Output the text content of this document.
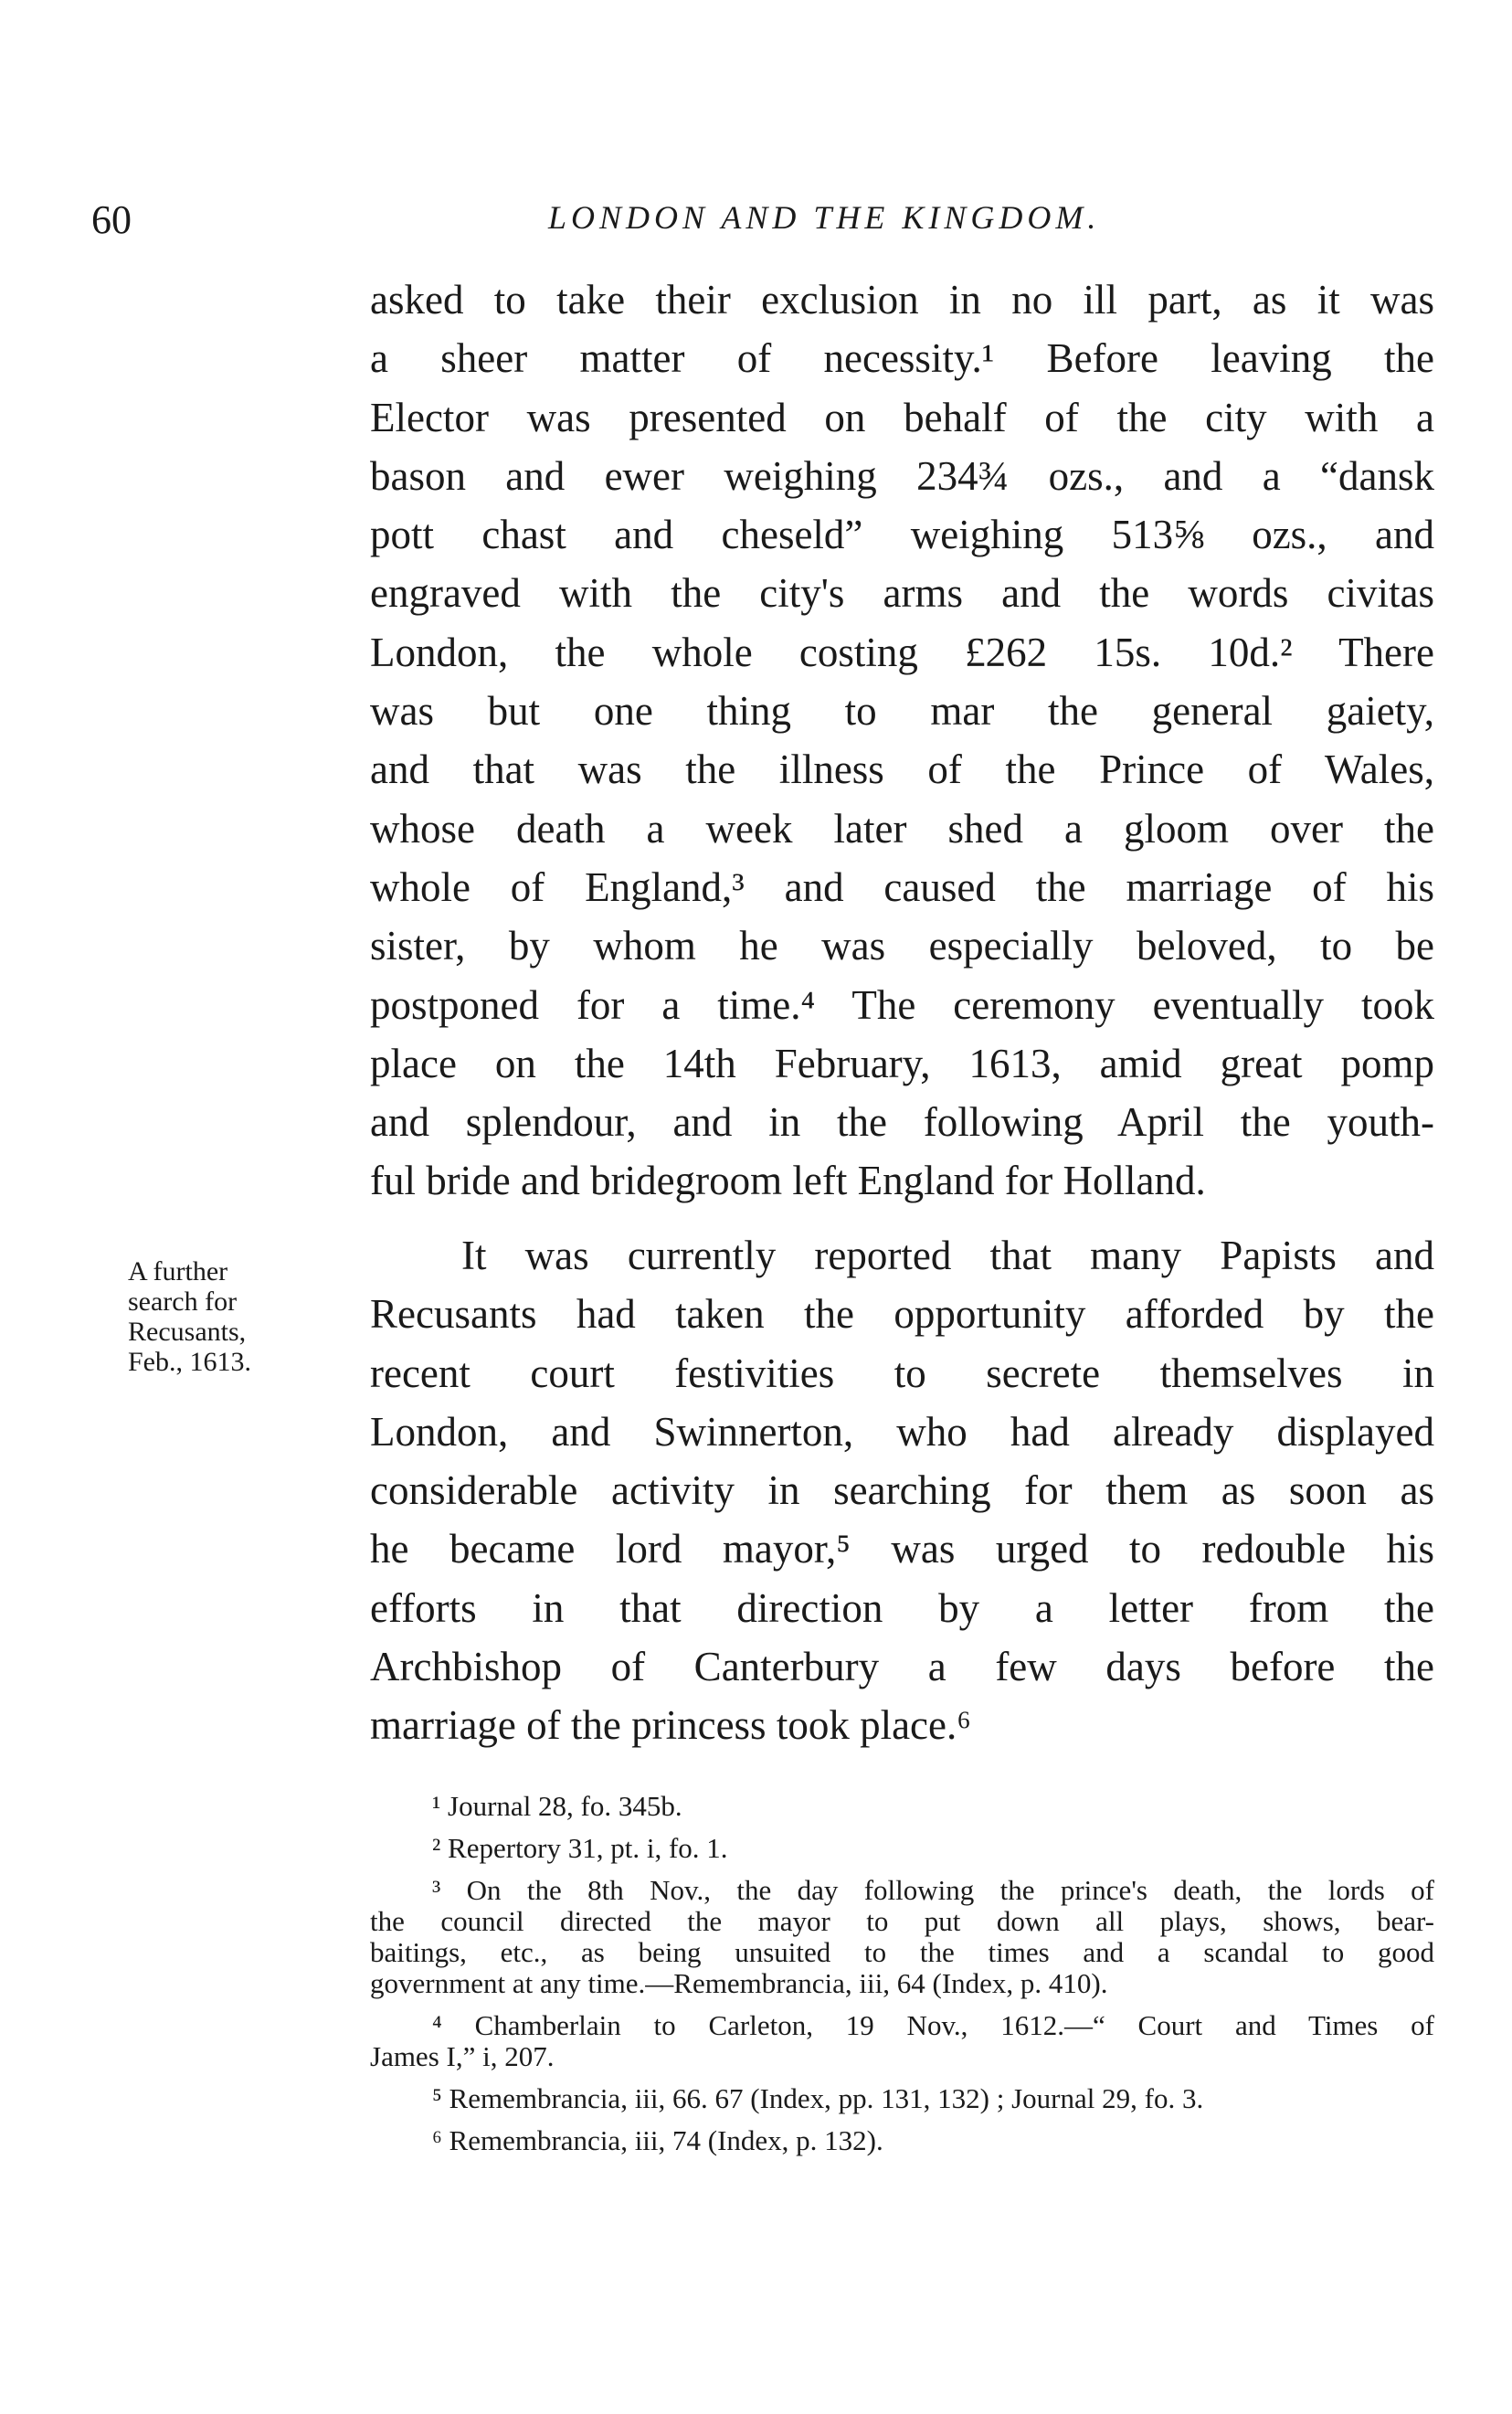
60	LONDON AND THE KINGDOM.
A further
search for
Recusants,
Feb., 1613.
asked to take their exclusion in no ill part, as it was
a sheer matter of necessity.¹ Before leaving the
Elector was presented on behalf of the city with a
bason and ewer weighing 234¾ ozs., and a “dansk
pott chast and cheseld” weighing 513⅝ ozs., and
engraved with the city's arms and the words civitas
London, the whole costing £262 15s. 10d.² There
was but one thing to mar the general gaiety,
and that was the illness of the Prince of Wales,
whose death a week later shed a gloom over the
whole of England,³ and caused the marriage of his
sister, by whom he was especially beloved, to be
postponed for a time.⁴ The ceremony eventually took
place on the 14th February, 1613, amid great pomp
and splendour, and in the following April the youth-
ful bride and bridegroom left England for Holland.
It was currently reported that many Papists and
Recusants had taken the opportunity afforded by the
recent court festivities to secrete themselves in
London, and Swinnerton, who had already displayed
considerable activity in searching for them as soon as
he became lord mayor,⁵ was urged to redouble his
efforts in that direction by a letter from the
Archbishop of Canterbury a few days before the
marriage of the princess took place.⁶
¹ Journal 28, fo. 345b.
² Repertory 31, pt. i, fo. 1.
³ On the 8th Nov., the day following the prince's death, the lords of
the council directed the mayor to put down all plays, shows, bear-
baitings, etc., as being unsuited to the times and a scandal to good
government at any time.—Remembrancia, iii, 64 (Index, p. 410).
⁴ Chamberlain to Carleton, 19 Nov., 1612.—“ Court and Times of
James I,” i, 207.
⁵ Remembrancia, iii, 66. 67 (Index, pp. 131, 132) ; Journal 29, fo. 3.
⁶ Remembrancia, iii, 74 (Index, p. 132).
